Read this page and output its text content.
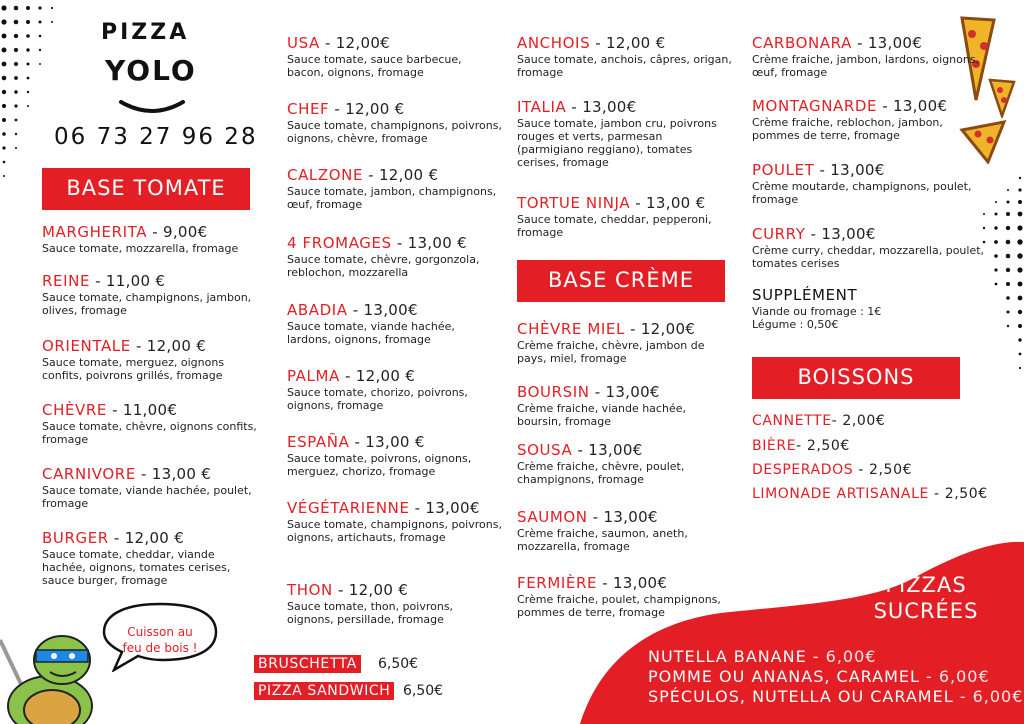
PIZZA
YOLO
06 73 27 96 28
BASE TOMATE
MARGHERITA - 9,00€
Sauce tomate, mozzarella, fromage
REINE - 11,00 €
Sauce tomate, champignons, jambon, olives, fromage
ORIENTALE - 12,00 €
Sauce tomate, merguez, oignons confits, poivrons grillés, fromage
CHÈVRE - 11,00€
Sauce tomate, chèvre, oignons confits, fromage
CARNIVORE - 13,00 €
Sauce tomate, viande hachée, poulet, fromage
BURGER - 12,00 €
Sauce tomate, cheddar, viande hachée, oignons, tomates cerises, sauce burger, fromage
Cuisson au
feu de bois !
USA - 12,00€
Sauce tomate, sauce barbecue, bacon, oignons, fromage
CHEF - 12,00 €
Sauce tomate, champignons, poivrons, oignons, chèvre, fromage
CALZONE - 12,00 €
Sauce tomate, jambon, champignons, œuf, fromage
4 FROMAGES - 13,00 €
Sauce tomate, chèvre, gorgonzola, reblochon, mozzarella
ABADIA - 13,00€
Sauce tomate, viande hachée, lardons, oignons, fromage
PALMA - 12,00 €
Sauce tomate, chorizo, poivrons, oignons, fromage
ESPAÑA - 13,00 €
Sauce tomate, poivrons, oignons, merguez, chorizo, fromage
VÉGÉTARIENNE - 13,00€
Sauce tomate, champignons, poivrons, oignons, artichauts, fromage
THON - 12,00 €
Sauce tomate, thon, poivrons, oignons, persillade, fromage
BRUSCHETTA 6,50€
PIZZA SANDWICH 6,50€
ANCHOIS - 12,00 €
Sauce tomate, anchois, câpres, origan, fromage
ITALIA - 13,00€
Sauce tomate, jambon cru, poivrons rouges et verts, parmesan (parmigiano reggiano), tomates cerises, fromage
TORTUE NINJA - 13,00 €
Sauce tomate, cheddar, pepperoni, fromage
BASE CRÈME
CHÈVRE MIEL - 12,00€
Crème fraiche, chèvre, jambon de pays, miel, fromage
BOURSIN - 13,00€
Crème fraiche, viande hachée, boursin, fromage
SOUSA - 13,00€
Crème fraiche, chèvre, poulet, champignons, fromage
SAUMON - 13,00€
Crème fraiche, saumon, aneth, mozzarella, fromage
FERMIÈRE - 13,00€
Crème fraiche, poulet, champignons, pommes de terre, fromage
CARBONARA - 13,00€
Crème fraiche, jambon, lardons, oignons, œuf, fromage
MONTAGNARDE - 13,00€
Crème fraiche, reblochon, jambon, pommes de terre, fromage
POULET - 13,00€
Crème moutarde, champignons, poulet, fromage
CURRY - 13,00€
Crème curry, cheddar, mozzarella, poulet, tomates cerises
SUPPLÉMENT
Viande ou fromage : 1€
Légume : 0,50€
BOISSONS
CANNETTE- 2,00€
BIÈRE- 2,50€
DESPERADOS - 2,50€
LIMONADE ARTISANALE - 2,50€
PIZZAS
SUCRÉES
NUTELLA BANANE - 6,00€
POMME OU ANANAS, CARAMEL - 6,00€
SPÉCULOS, NUTELLA OU CARAMEL - 6,00€
